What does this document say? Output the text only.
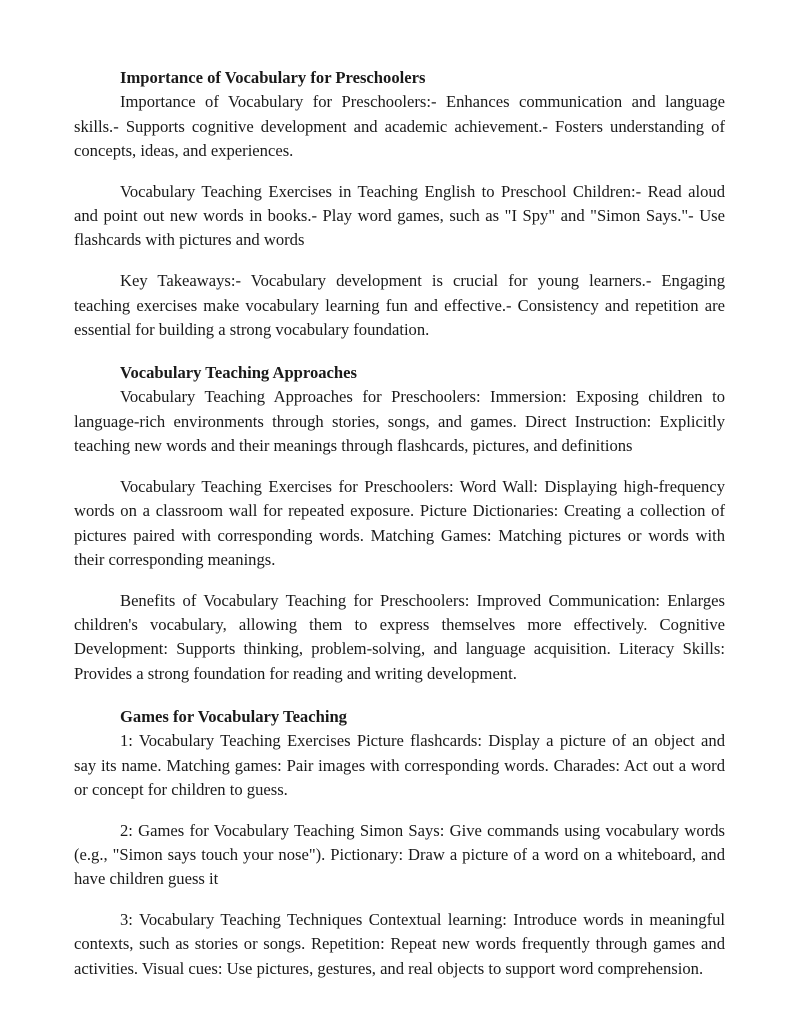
Importance of Vocabulary for Preschoolers

Importance of Vocabulary for Preschoolers:- Enhances communication and language skills.- Supports cognitive development and academic achievement.- Fosters understanding of concepts, ideas, and experiences.

Vocabulary Teaching Exercises in Teaching English to Preschool Children:- Read aloud and point out new words in books.- Play word games, such as "I Spy" and "Simon Says."- Use flashcards with pictures and words

Key Takeaways:- Vocabulary development is crucial for young learners.- Engaging teaching exercises make vocabulary learning fun and effective.- Consistency and repetition are essential for building a strong vocabulary foundation.

Vocabulary Teaching Approaches

Vocabulary Teaching Approaches for Preschoolers: Immersion: Exposing children to language-rich environments through stories, songs, and games. Direct Instruction: Explicitly teaching new words and their meanings through flashcards, pictures, and definitions

Vocabulary Teaching Exercises for Preschoolers: Word Wall: Displaying high-frequency words on a classroom wall for repeated exposure. Picture Dictionaries: Creating a collection of pictures paired with corresponding words. Matching Games: Matching pictures or words with their corresponding meanings.

Benefits of Vocabulary Teaching for Preschoolers: Improved Communication: Enlarges children's vocabulary, allowing them to express themselves more effectively. Cognitive Development: Supports thinking, problem-solving, and language acquisition. Literacy Skills: Provides a strong foundation for reading and writing development.

Games for Vocabulary Teaching

1: Vocabulary Teaching Exercises Picture flashcards: Display a picture of an object and say its name. Matching games: Pair images with corresponding words. Charades: Act out a word or concept for children to guess.

2: Games for Vocabulary Teaching Simon Says: Give commands using vocabulary words (e.g., "Simon says touch your nose"). Pictionary: Draw a picture of a word on a whiteboard, and have children guess it

3: Vocabulary Teaching Techniques Contextual learning: Introduce words in meaningful contexts, such as stories or songs. Repetition: Repeat new words frequently through games and activities. Visual cues: Use pictures, gestures, and real objects to support word comprehension.
